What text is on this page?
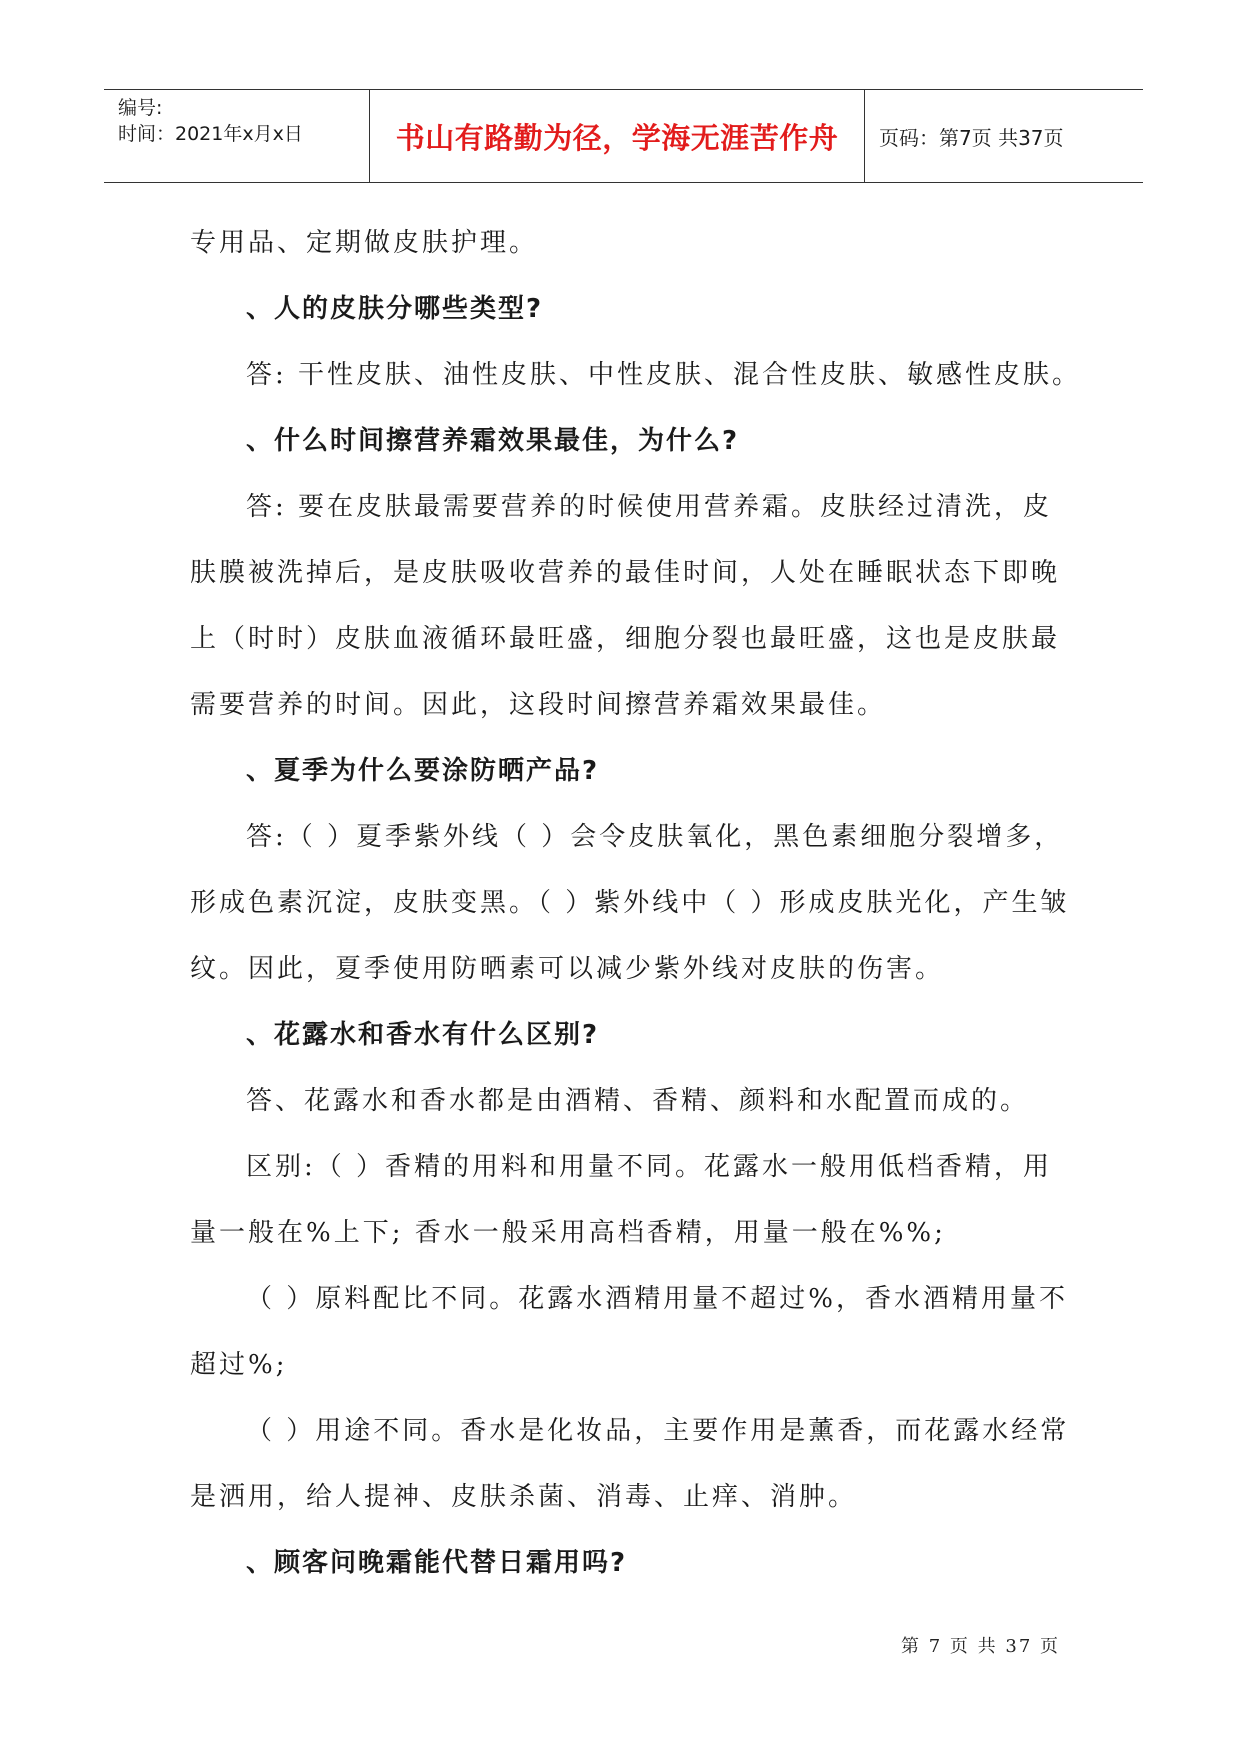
编号:
时间：2021年x月x日	书山有路勤为径，学海无涯苦作舟	页码：第7页 共37页
专用品、定期做皮肤护理。
、人的皮肤分哪些类型?
答: 干性皮肤、油性皮肤、中性皮肤、混合性皮肤、敏感性皮肤。
、什么时间擦营养霜效果最佳，为什么?
答: 要在皮肤最需要营养的时候使用营养霜。皮肤经过清洗，皮
肤膜被洗掉后，是皮肤吸收营养的最佳时间，人处在睡眠状态下即晚
上（时时）皮肤血液循环最旺盛，细胞分裂也最旺盛，这也是皮肤最
需要营养的时间。因此，这段时间擦营养霜效果最佳。
、夏季为什么要涂防晒产品?
答:（ ）夏季紫外线（ ）会令皮肤氧化，黑色素细胞分裂增多，
形成色素沉淀，皮肤变黑。（ ）紫外线中（ ）形成皮肤光化，产生皱
纹。因此，夏季使用防晒素可以减少紫外线对皮肤的伤害。
、花露水和香水有什么区别?
答、花露水和香水都是由酒精、香精、颜料和水配置而成的。
区别:（ ）香精的用料和用量不同。花露水一般用低档香精，用
量一般在%上下; 香水一般采用高档香精，用量一般在%%;
（ ）原料配比不同。花露水酒精用量不超过%，香水酒精用量不
超过%;
（ ）用途不同。香水是化妆品，主要作用是薰香，而花露水经常
是洒用，给人提神、皮肤杀菌、消毒、止痒、消肿。
、顾客问晚霜能代替日霜用吗?
第 7 页 共 37 页
